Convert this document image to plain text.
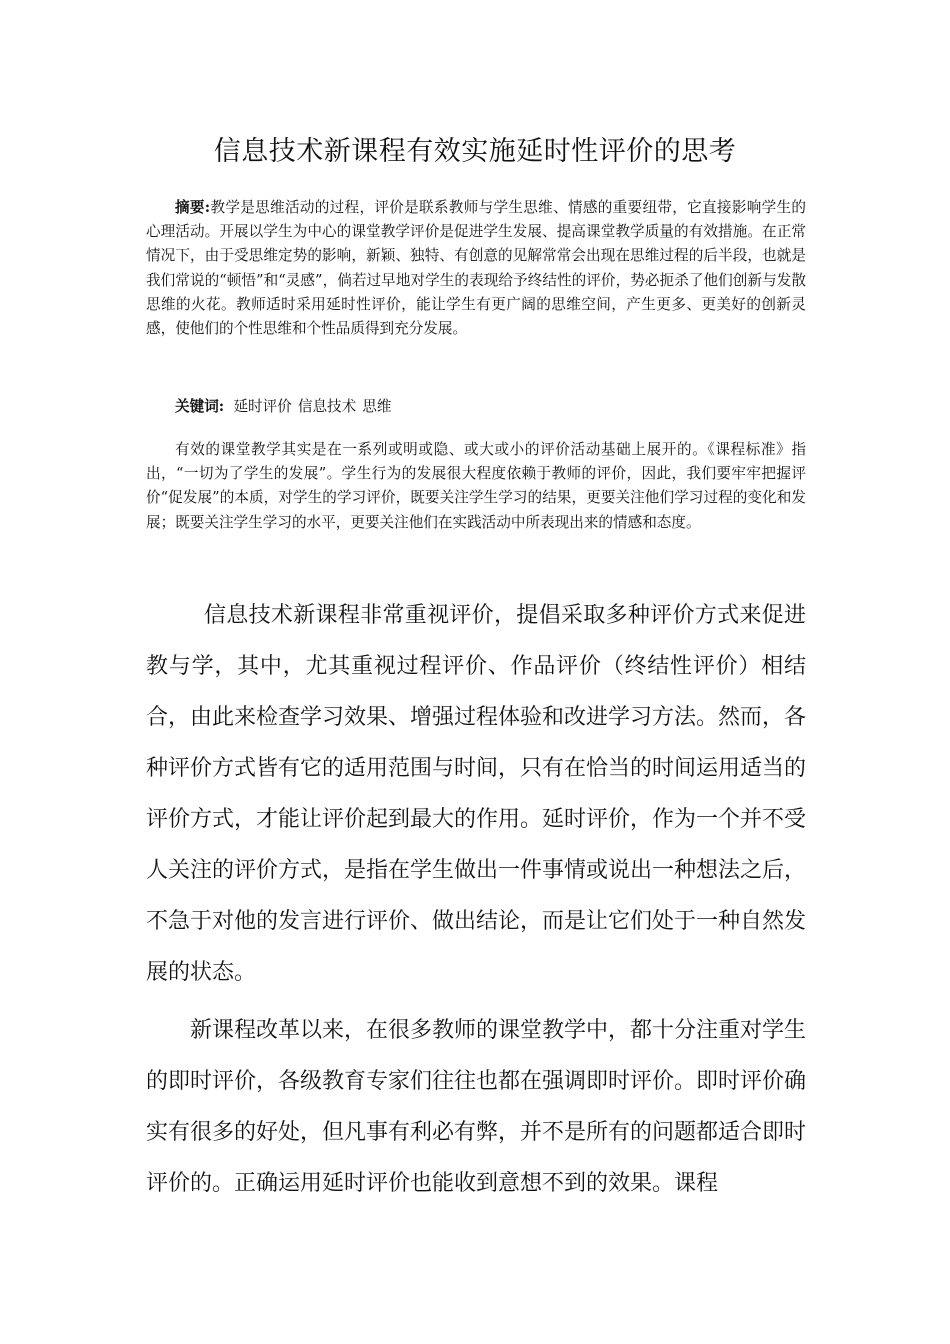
信息技术新课程有效实施延时性评价的思考

摘要:教学是思维活动的过程，评价是联系教师与学生思维、情感的重要纽带，它直接影响学生的心理活动。开展以学生为中心的课堂教学评价是促进学生发展、提高课堂教学质量的有效措施。在正常情况下，由于受思维定势的影响，新颖、独特、有创意的见解常常会出现在思维过程的后半段，也就是我们常说的“顿悟”和“灵感”，倘若过早地对学生的表现给予终结性的评价，势必扼杀了他们创新与发散思维的火花。教师适时采用延时性评价，能让学生有更广阔的思维空间，产生更多、更美好的创新灵感，使他们的个性思维和个性品质得到充分发展。

关键词: 延时评价 信息技术 思维

有效的课堂教学其实是在一系列或明或隐、或大或小的评价活动基础上展开的。《课程标准》指出，“一切为了学生的发展”。学生行为的发展很大程度依赖于教师的评价，因此，我们要牢牢把握评价“促发展”的本质，对学生的学习评价，既要关注学生学习的结果，更要关注他们学习过程的变化和发展；既要关注学生学习的水平，更要关注他们在实践活动中所表现出来的情感和态度。

信息技术新课程非常重视评价，提倡采取多种评价方式来促进教与学，其中，尤其重视过程评价、作品评价（终结性评价）相结合，由此来检查学习效果、增强过程体验和改进学习方法。然而，各种评价方式皆有它的适用范围与时间，只有在恰当的时间运用适当的评价方式，才能让评价起到最大的作用。延时评价，作为一个并不受人关注的评价方式，是指在学生做出一件事情或说出一种想法之后，不急于对他的发言进行评价、做出结论，而是让它们处于一种自然发展的状态。

新课程改革以来，在很多教师的课堂教学中，都十分注重对学生的即时评价，各级教育专家们往往也都在强调即时评价。即时评价确实有很多的好处，但凡事有利必有弊，并不是所有的问题都适合即时评价的。正确运用延时评价也能收到意想不到的效果。课程
